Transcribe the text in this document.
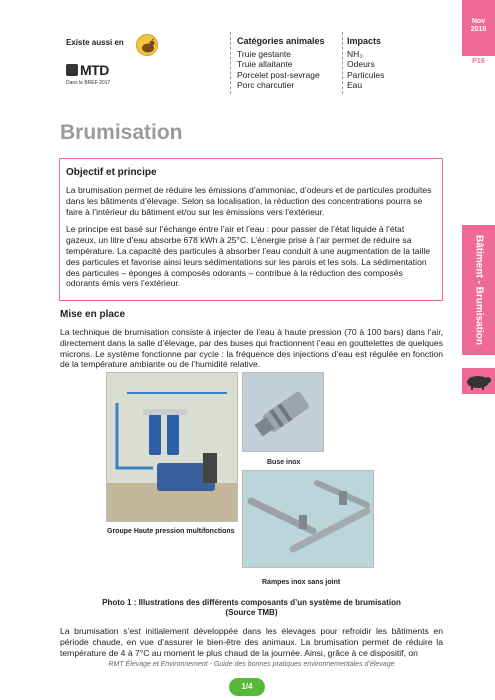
Existe aussi en
MTD
Dans le BREF 2017
Catégories animales
Truie gestante
Truie allaitante
Porcelet post-sevrage
Porc charcutier
Impacts
NH₃
Odeurs
Particules
Eau
Nov
2019
P16
Bâtiment - Brumisation
Brumisation
Objectif et principe

La brumisation permet de réduire les émissions d’ammoniac, d’odeurs et de particules produites dans les bâtiments d’élevage. Selon sa localisation, la réduction des concentrations pourra se faire à l’intérieur du bâtiment et/ou sur les émissions vers l’extérieur.

Le principe est basé sur l’échange entre l’air et l’eau : pour passer de l’état liquide à l’état gazeux, un litre d’eau absorbe 678 kWh à 25°C. L’énergie prise à l’air permet de réduire sa température. La capacité des particules à absorber l’eau conduit à une augmentation de la taille des particules et favorise ainsi leurs sédimentations sur les parois et les sols. La sédimentation des particules – éponges à composés odorants – contribue à la réduction des composés odorants émis vers l’extérieur.

Mise en place
La technique de brumisation consiste à injecter de l’eau à haute pression (70 à 100 bars) dans l’air, directement dans la salle d’élevage, par des buses qui fractionnent l’eau en gouttelettes de quelques microns. Le système fonctionne par cycle : la fréquence des injections d’eau est régulée en fonction de la température ambiante ou de l’humidité relative.
Groupe Haute pression multifonctions
Buse inox
Rampes inox sans joint
Photo 1 : Illustrations des différents composants d’un système de brumisation
(Source TMB)
La brumisation s’est initialement développée dans les élevages pour refroidir les bâtiments en période chaude, en vue d’assurer le bien-être des animaux. La brumisation permet de réduire la température de 4 à 7°C au moment le plus chaud de la journée. Ainsi, grâce à ce dispositif, on
RMT Élevage et Environnement - Guide des bonnes pratiques environnementales d’élevage
1/4
